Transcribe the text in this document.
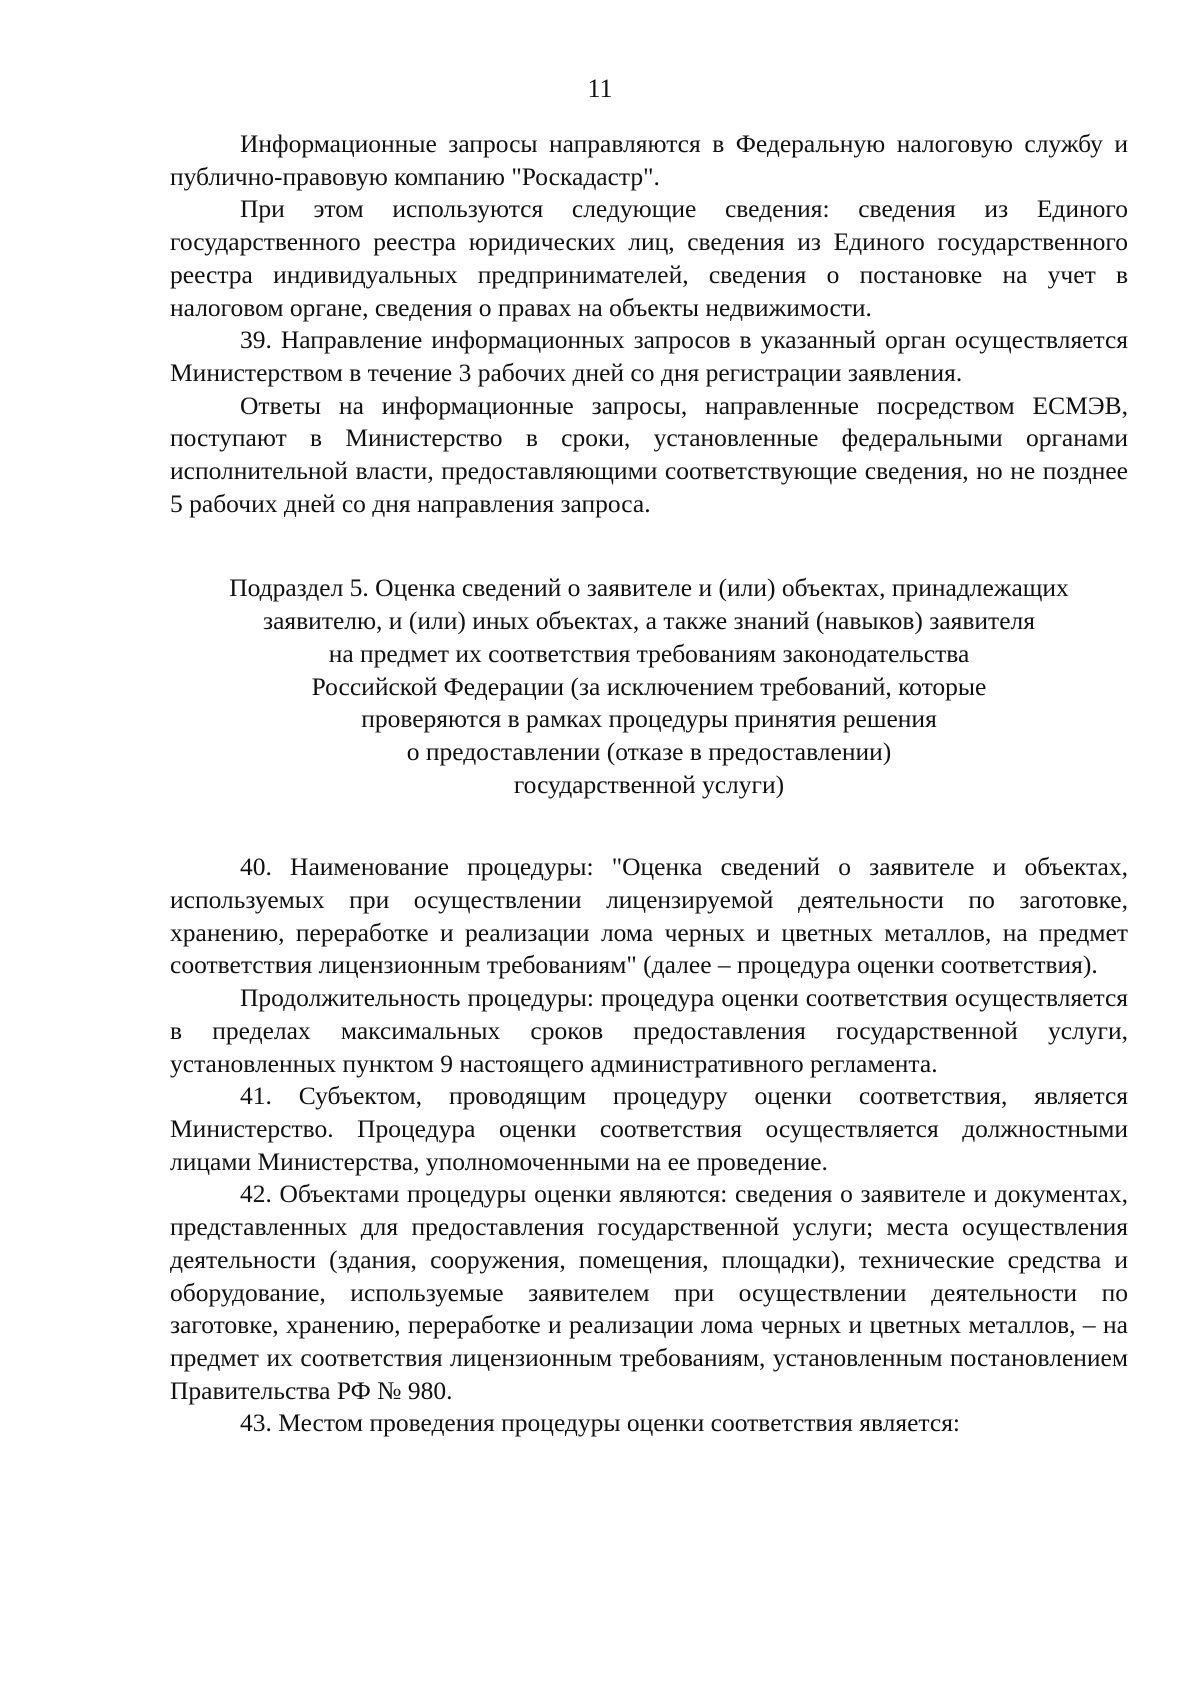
11

Информационные запросы направляются в Федеральную налоговую службу и публично-правовую компанию "Роскадастр".

При этом используются следующие сведения: сведения из Единого государственного реестра юридических лиц, сведения из Единого государственного реестра индивидуальных предпринимателей, сведения о постановке на учет в налоговом органе, сведения о правах на объекты недвижимости.

39. Направление информационных запросов в указанный орган осуществляется Министерством в течение 3 рабочих дней со дня регистрации заявления.

Ответы на информационные запросы, направленные посредством ЕСМЭВ, поступают в Министерство в сроки, установленные федеральными органами исполнительной власти, предоставляющими соответствующие сведения, но не позднее 5 рабочих дней со дня направления запроса.

Подраздел 5. Оценка сведений о заявителе и (или) объектах, принадлежащих
заявителю, и (или) иных объектах, а также знаний (навыков) заявителя
на предмет их соответствия требованиям законодательства
Российской Федерации (за исключением требований, которые
проверяются в рамках процедуры принятия решения
о предоставлении (отказе в предоставлении)
государственной услуги)

40. Наименование процедуры: "Оценка сведений о заявителе и объектах, используемых при осуществлении лицензируемой деятельности по заготовке, хранению, переработке и реализации лома черных и цветных металлов, на предмет соответствия лицензионным требованиям" (далее – процедура оценки соответствия).

Продолжительность процедуры: процедура оценки соответствия осуществляется в пределах максимальных сроков предоставления государственной услуги, установленных пунктом 9 настоящего административного регламента.

41. Субъектом, проводящим процедуру оценки соответствия, является Министерство. Процедура оценки соответствия осуществляется должностными лицами Министерства, уполномоченными на ее проведение.

42. Объектами процедуры оценки являются: сведения о заявителе и документах, представленных для предоставления государственной услуги; места осуществления деятельности (здания, сооружения, помещения, площадки), технические средства и оборудование, используемые заявителем при осуществлении деятельности по заготовке, хранению, переработке и реализации лома черных и цветных металлов, – на предмет их соответствия лицензионным требованиям, установленным постановлением Правительства РФ № 980.

43. Местом проведения процедуры оценки соответствия является:
